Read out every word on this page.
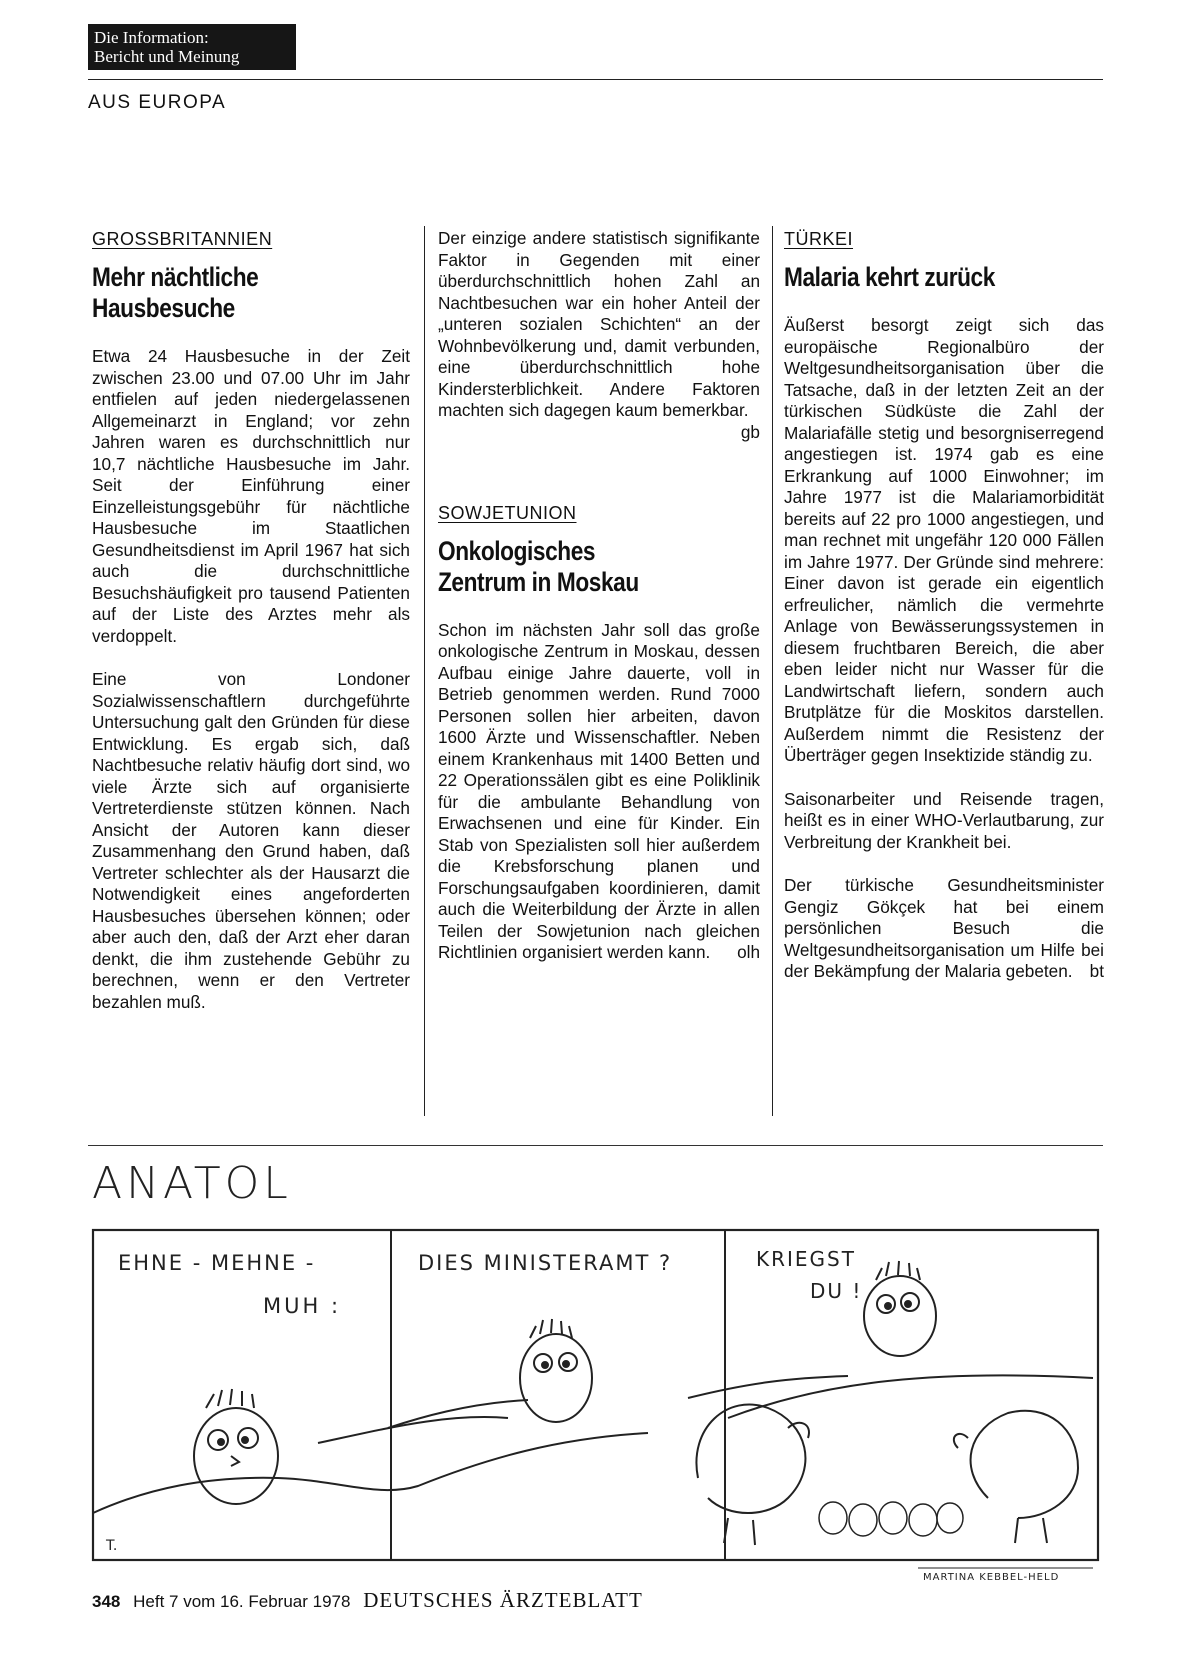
Die Information:
Bericht und Meinung
AUS EUROPA
GROSSBRITANNIEN
Mehr nächtliche
Hausbesuche

Etwa 24 Hausbesuche in der Zeit zwischen 23.00 und 07.00 Uhr im Jahr entfielen auf jeden niedergelassenen Allgemeinarzt in England; vor zehn Jahren waren es durchschnittlich nur 10,7 nächtliche Hausbesuche im Jahr. Seit der Einführung einer Einzelleistungsgebühr für nächtliche Hausbesuche im Staatlichen Gesundheitsdienst im April 1967 hat sich auch die durchschnittliche Besuchshäufigkeit pro tausend Patienten auf der Liste des Arztes mehr als verdoppelt.

Eine von Londoner Sozialwissenschaftlern durchgeführte Untersuchung galt den Gründen für diese Entwicklung. Es ergab sich, daß Nachtbesuche relativ häufig dort sind, wo viele Ärzte sich auf organisierte Vertreterdienste stützen können. Nach Ansicht der Autoren kann dieser Zusammenhang den Grund haben, daß Vertreter schlechter als der Hausarzt die Notwendigkeit eines angeforderten Hausbesuches übersehen können; oder aber auch den, daß der Arzt eher daran denkt, die ihm zustehende Gebühr zu berechnen, wenn er den Vertreter bezahlen muß.

Der einzige andere statistisch signifikante Faktor in Gegenden mit einer überdurchschnittlich hohen Zahl an Nachtbesuchen war ein hoher Anteil der „unteren sozialen Schichten“ an der Wohnbevölkerung und, damit verbunden, eine überdurchschnittlich hohe Kindersterblichkeit. Andere Faktoren machten sich dagegen kaum bemerkbar.
gb

SOWJETUNION
Onkologisches
Zentrum in Moskau

Schon im nächsten Jahr soll das große onkologische Zentrum in Moskau, dessen Aufbau einige Jahre dauerte, voll in Betrieb genommen werden. Rund 7000 Personen sollen hier arbeiten, davon 1600 Ärzte und Wissenschaftler. Neben einem Krankenhaus mit 1400 Betten und 22 Operationssälen gibt es eine Poliklinik für die ambulante Behandlung von Erwachsenen und eine für Kinder. Ein Stab von Spezialisten soll hier außerdem die Krebsforschung planen und Forschungsaufgaben koordinieren, damit auch die Weiterbildung der Ärzte in allen Teilen der Sowjetunion nach gleichen Richtlinien organisiert werden kann. olh

TÜRKEI
Malaria kehrt zurück

Äußerst besorgt zeigt sich das europäische Regionalbüro der Weltgesundheitsorganisation über die Tatsache, daß in der letzten Zeit an der türkischen Südküste die Zahl der Malariafälle stetig und besorgniserregend angestiegen ist. 1974 gab es eine Erkrankung auf 1000 Einwohner; im Jahre 1977 ist die Malariamorbidität bereits auf 22 pro 1000 angestiegen, und man rechnet mit ungefähr 120 000 Fällen im Jahre 1977. Der Gründe sind mehrere: Einer davon ist gerade ein eigentlich erfreulicher, nämlich die vermehrte Anlage von Bewässerungssystemen in diesem fruchtbaren Bereich, die aber eben leider nicht nur Wasser für die Landwirtschaft liefern, sondern auch Brutplätze für die Moskitos darstellen. Außerdem nimmt die Resistenz der Überträger gegen Insektizide ständig zu.

Saisonarbeiter und Reisende tragen, heißt es in einer WHO-Verlautbarung, zur Verbreitung der Krankheit bei.

Der türkische Gesundheitsminister Gengiz Gökçek hat bei einem persönlichen Besuch die Weltgesundheitsorganisation um Hilfe bei der Bekämpfung der Malaria gebeten. bt

ANATOL
EHNE - MEHNE -
MUH :
DIES MINISTERAMT ?	KRIEGST
DU !
T.
MARTINA KEBBEL-HELD
348 Heft 7 vom 16. Februar 1978 DEUTSCHES ÄRZTEBLATT
